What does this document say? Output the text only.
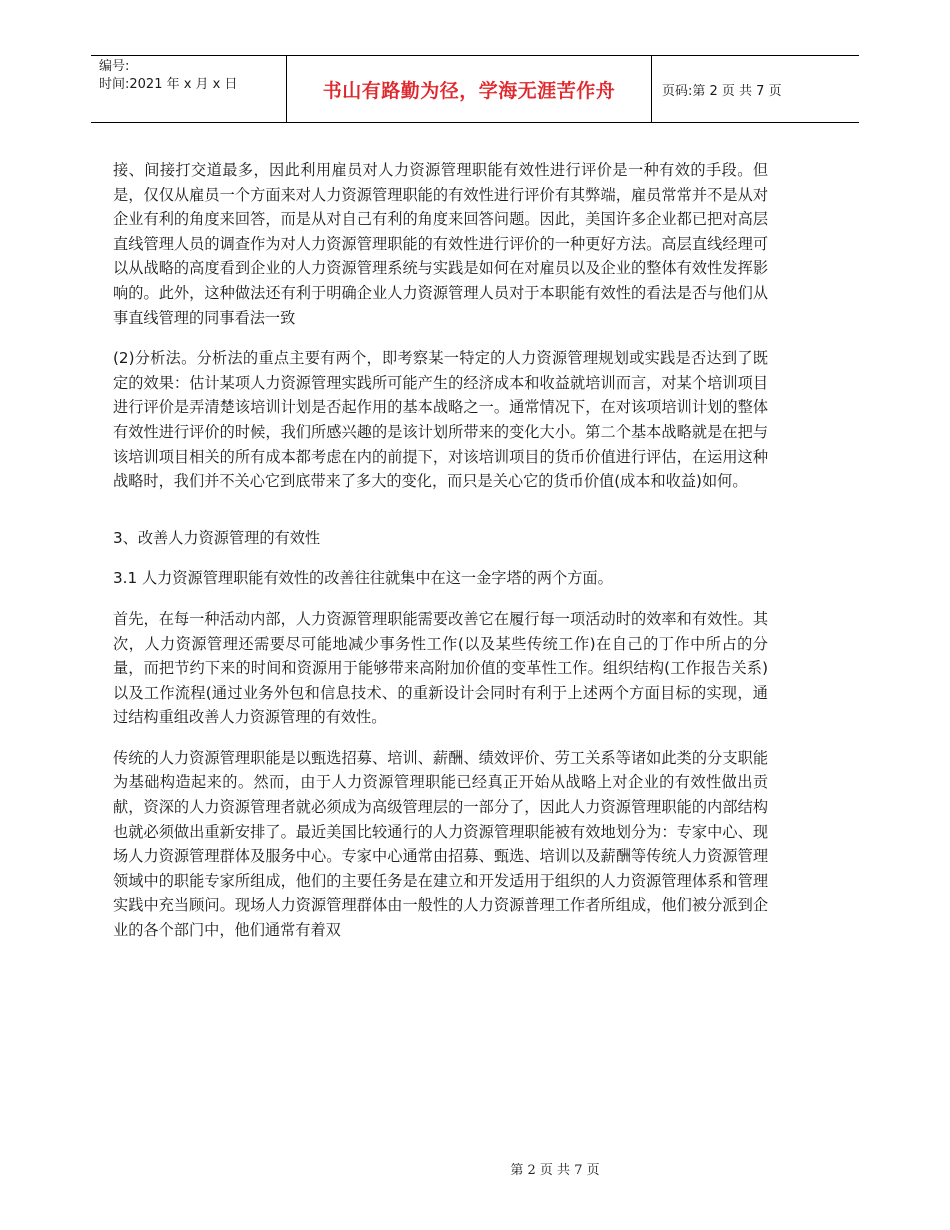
编号:
时间:2021 年 x 月 x 日	书山有路勤为径，学海无涯苦作舟	页码:第 2 页 共 7 页

接、间接打交道最多，因此利用雇员对人力资源管理职能有效性进行评价是一种有效的手段。但是，仅仅从雇员一个方面来对人力资源管理职能的有效性进行评价有其弊端，雇员常常并不是从对企业有利的角度来回答，而是从对自己有利的角度来回答问题。因此，美国许多企业都已把对高层直线管理人员的调查作为对人力资源管理职能的有效性进行评价的一种更好方法。高层直线经理可以从战略的高度看到企业的人力资源管理系统与实践是如何在对雇员以及企业的整体有效性发挥影响的。此外，这种做法还有利于明确企业人力资源管理人员对于本职能有效性的看法是否与他们从事直线管理的同事看法一致

(2)分析法。分析法的重点主要有两个，即考察某一特定的人力资源管理规划或实践是否达到了既定的效果：估计某项人力资源管理实践所可能产生的经济成本和收益就培训而言，对某个培训项目进行评价是弄清楚该培训计划是否起作用的基本战略之一。通常情况下，在对该项培训计划的整体有效性进行评价的时候，我们所感兴趣的是该计划所带来的变化大小。第二个基本战略就是在把与该培训项目相关的所有成本都考虑在内的前提下，对该培训项目的货币价值进行评估，在运用这种战略时，我们并不关心它到底带来了多大的变化，而只是关心它的货币价值(成本和收益)如何。

3、改善人力资源管理的有效性

3.1 人力资源管理职能有效性的改善往往就集中在这一金字塔的两个方面。

首先，在每一种活动内部，人力资源管理职能需要改善它在履行每一项活动时的效率和有效性。其次，人力资源管理还需要尽可能地减少事务性工作(以及某些传统工作)在自己的丁作中所占的分量，而把节约下来的时间和资源用于能够带来高附加价值的变革性工作。组织结构(工作报告关系)以及工作流程(通过业务外包和信息技术、的重新设计会同时有利于上述两个方面目标的实现，通过结构重组改善人力资源管理的有效性。

传统的人力资源管理职能是以甄选招募、培训、薪酬、绩效评价、劳工关系等诸如此类的分支职能为基础构造起来的。然而，由于人力资源管理职能已经真正开始从战略上对企业的有效性做出贡献，资深的人力资源管理者就必须成为高级管理层的一部分了，因此人力资源管理职能的内部结构也就必须做出重新安排了。最近美国比较通行的人力资源管理职能被有效地划分为：专家中心、现场人力资源管理群体及服务中心。专家中心通常由招募、甄选、培训以及薪酬等传统人力资源管理领域中的职能专家所组成，他们的主要任务是在建立和开发适用于组织的人力资源管理体系和管理实践中充当顾问。现场人力资源管理群体由一般性的人力资源普理工作者所组成，他们被分派到企业的各个部门中，他们通常有着双

第 2 页 共 7 页
